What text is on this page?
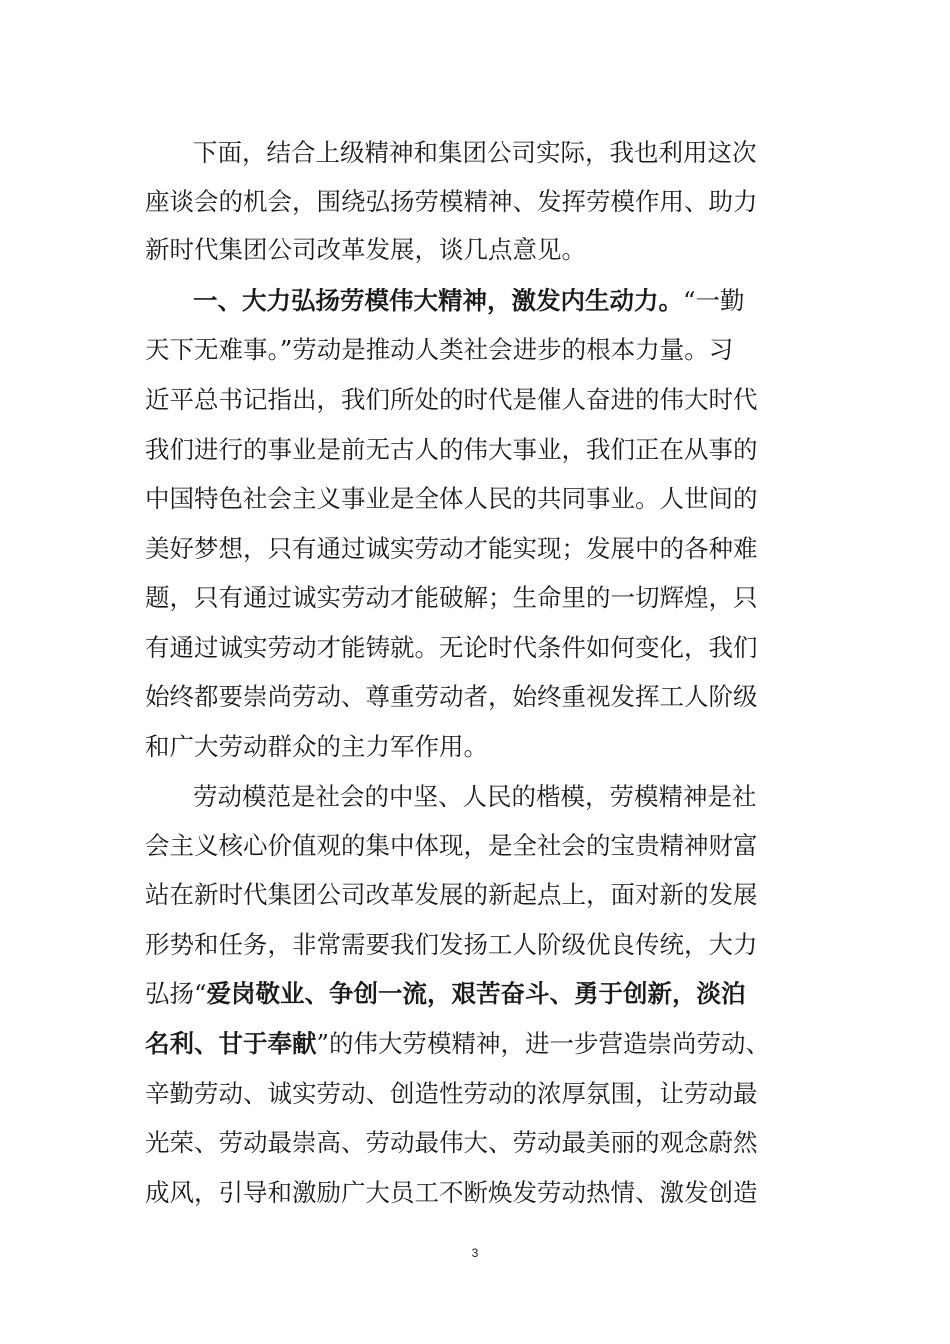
下面，结合上级精神和集团公司实际，我也利用这次
座谈会的机会，围绕弘扬劳模精神、发挥劳模作用、助力
新时代集团公司改革发展，谈几点意见。
一、大力弘扬劳模伟大精神，激发内生动力。“一勤
天下无难事。”劳动是推动人类社会进步的根本力量。习
近平总书记指出，我们所处的时代是催人奋进的伟大时代
我们进行的事业是前无古人的伟大事业，我们正在从事的
中国特色社会主义事业是全体人民的共同事业。人世间的
美好梦想，只有通过诚实劳动才能实现；发展中的各种难
题，只有通过诚实劳动才能破解；生命里的一切辉煌，只
有通过诚实劳动才能铸就。无论时代条件如何变化，我们
始终都要崇尚劳动、尊重劳动者，始终重视发挥工人阶级
和广大劳动群众的主力军作用。
劳动模范是社会的中坚、人民的楷模，劳模精神是社
会主义核心价值观的集中体现，是全社会的宝贵精神财富
站在新时代集团公司改革发展的新起点上，面对新的发展
形势和任务，非常需要我们发扬工人阶级优良传统，大力
弘扬“爱岗敬业、争创一流，艰苦奋斗、勇于创新，淡泊
名利、甘于奉献”的伟大劳模精神，进一步营造崇尚劳动、
辛勤劳动、诚实劳动、创造性劳动的浓厚氛围，让劳动最
光荣、劳动最崇高、劳动最伟大、劳动最美丽的观念蔚然
成风，引导和激励广大员工不断焕发劳动热情、激发创造
3
